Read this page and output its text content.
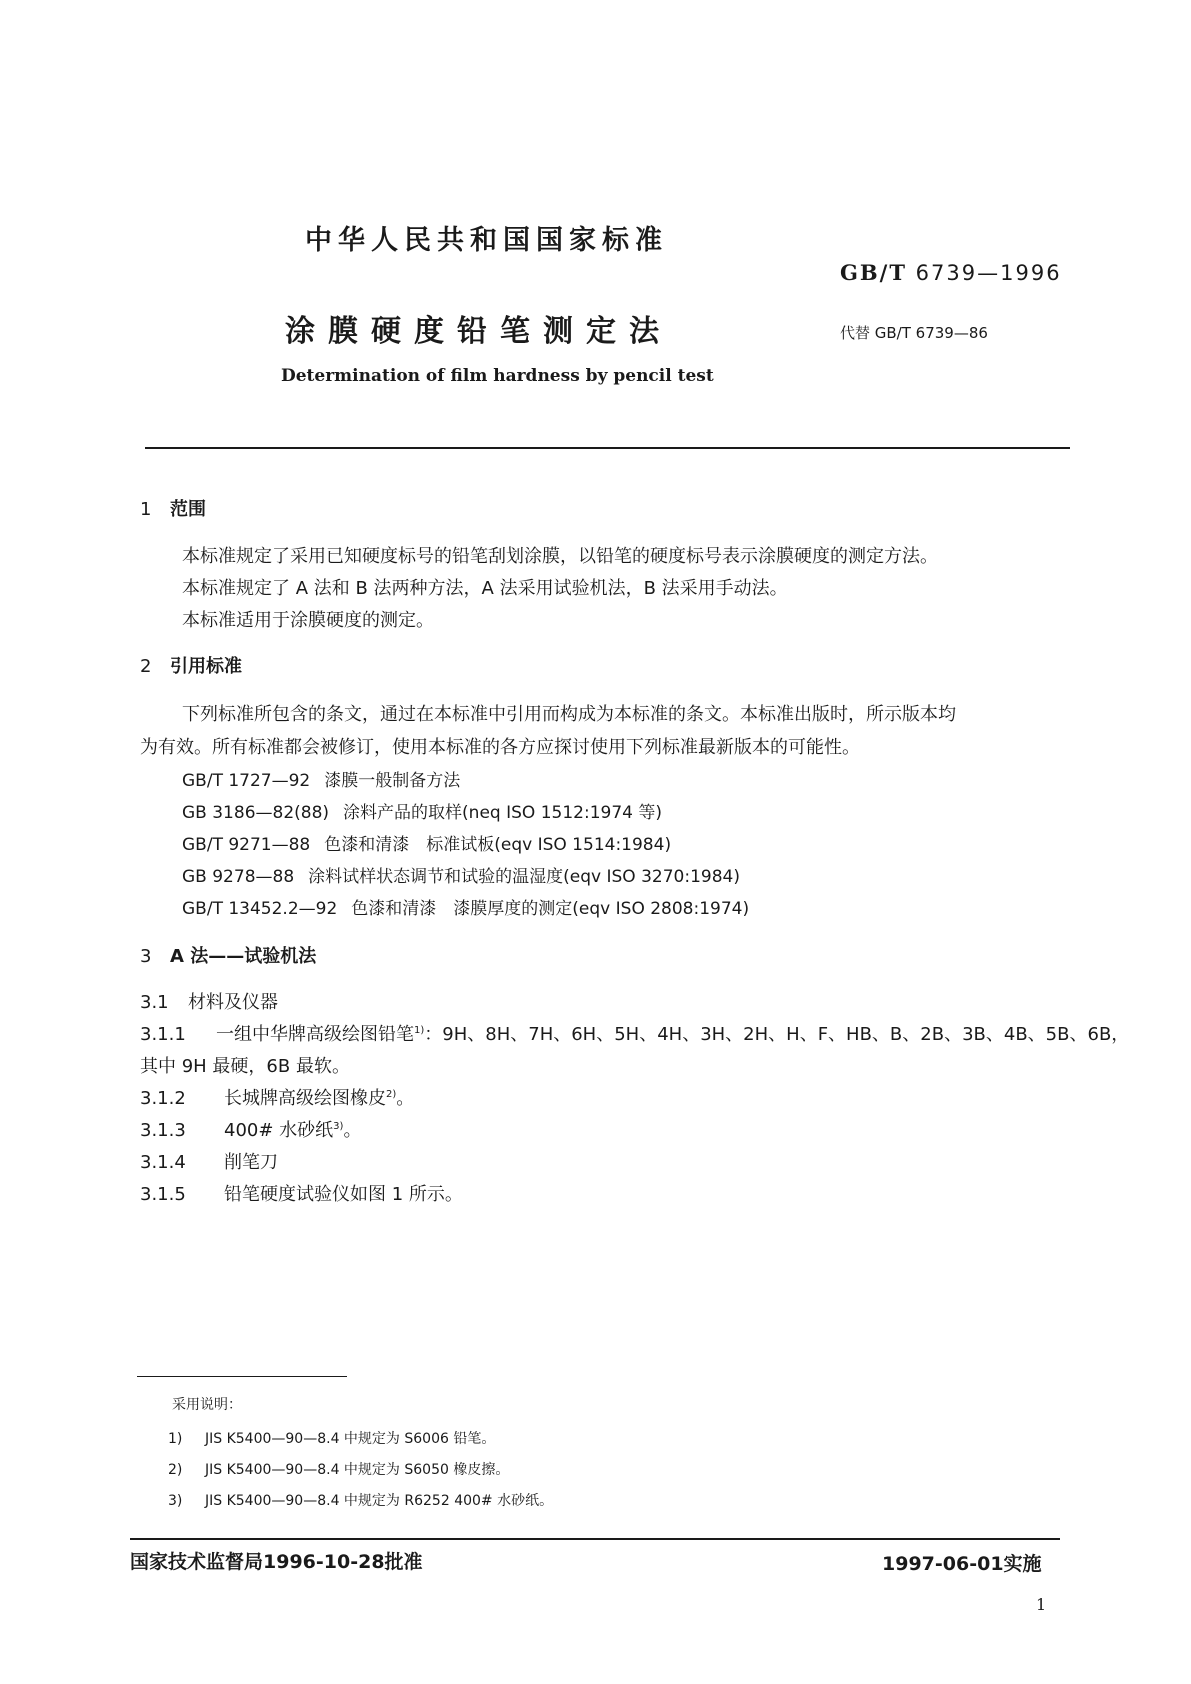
中华人民共和国国家标准
GB/T 6739—1996
涂膜硬度铅笔测定法	代替 GB/T 6739—86
Determination of film hardness by pencil test
1 范围
本标准规定了采用已知硬度标号的铅笔刮划涂膜，以铅笔的硬度标号表示涂膜硬度的测定方法。
本标准规定了 A 法和 B 法两种方法，A 法采用试验机法，B 法采用手动法。
本标准适用于涂膜硬度的测定。
2 引用标准
下列标准所包含的条文，通过在本标准中引用而构成为本标准的条文。本标准出版时，所示版本均
为有效。所有标准都会被修订，使用本标准的各方应探讨使用下列标准最新版本的可能性。
GB/T 1727—92 漆膜一般制备方法
GB 3186—82(88) 涂料产品的取样(neq ISO 1512:1974 等)
GB/T 9271—88 色漆和清漆　标准试板(eqv ISO 1514:1984)
GB 9278—88 涂料试样状态调节和试验的温湿度(eqv ISO 3270:1984)
GB/T 13452.2—92 色漆和清漆　漆膜厚度的测定(eqv ISO 2808:1974)
3 A 法——试验机法
3.1 材料及仪器
3.1.1 一组中华牌高级绘图铅笔$^{1)}$：9H、8H、7H、6H、5H、4H、3H、2H、H、F、HB、B、2B、3B、4B、5B、6B，
其中 9H 最硬，6B 最软。
3.1.2 长城牌高级绘图橡皮$^{2)}$。
3.1.3 400# 水砂纸$^{3)}$。
3.1.4 削笔刀
3.1.5 铅笔硬度试验仪如图 1 所示。
采用说明：
1) JIS K5400—90—8.4 中规定为 S6006 铅笔。
2) JIS K5400—90—8.4 中规定为 S6050 橡皮擦。
3) JIS K5400—90—8.4 中规定为 R6252 400# 水砂纸。
国家技术监督局1996-10-28批准	1997-06-01实施
1
